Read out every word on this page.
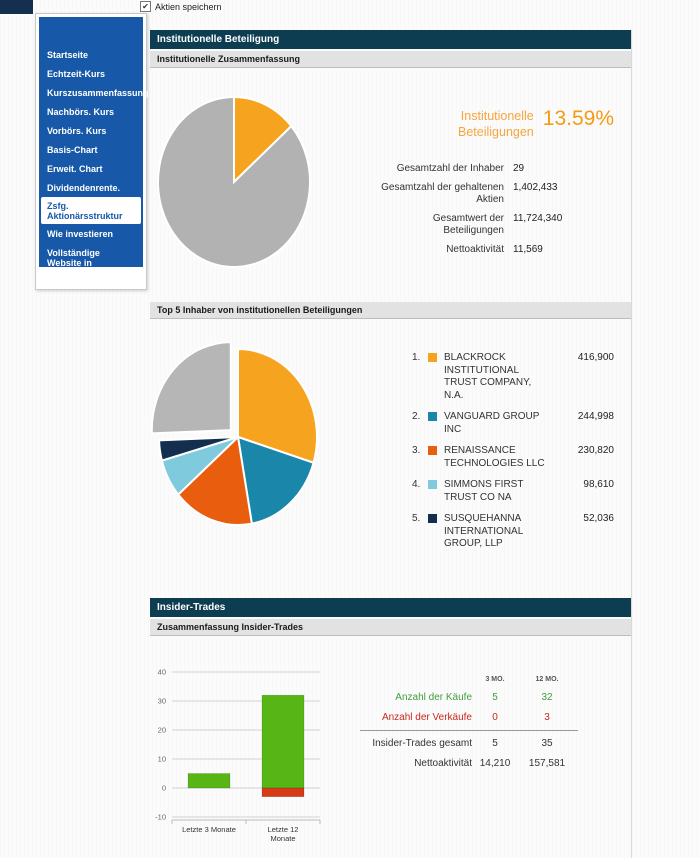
✔ Aktien speichern
Startseite
Echtzeit-Kurs
Kurszusammenfassung
Nachbörs. Kurs
Vorbörs. Kurs
Basis-Chart
Erweit. Chart
Dividendenrente.
Zsfg. Aktionärsstruktur
Wie investieren
Vollständige Website in englischer Sprache
Institutionelle Beteiligung
Institutionelle Zusammenfassung
Institutionelle Beteiligungen
13.59%
Gesamtzahl der Inhaber 29
Gesamtzahl der gehaltenen Aktien
1,402,433
Gesamtwert der Beteiligungen
11,724,340
Nettoaktivität 11,569
Top 5 Inhaber von institutionellen Beteiligungen
1.	BLACKROCK INSTITUTIONAL TRUST COMPANY, N.A.
416,900
2.	VANGUARD GROUP INC
244,998
3.	RENAISSANCE TECHNOLOGIES LLC
230,820
4.	SIMMONS FIRST TRUST CO NA
98,610
5.	SUSQUEHANNA INTERNATIONAL GROUP, LLP
52,036
Insider-Trades
Zusammenfassung Insider-Trades
40
30
20
10
0
-10
Letzte 3 Monate	Letzte 12
Monate
3 MO.	12 MO.
Anzahl der Käufe	5	32
Anzahl der Verkäufe	0	3
Insider-Trades gesamt	5	35
Nettoaktivität 14,210	157,581
